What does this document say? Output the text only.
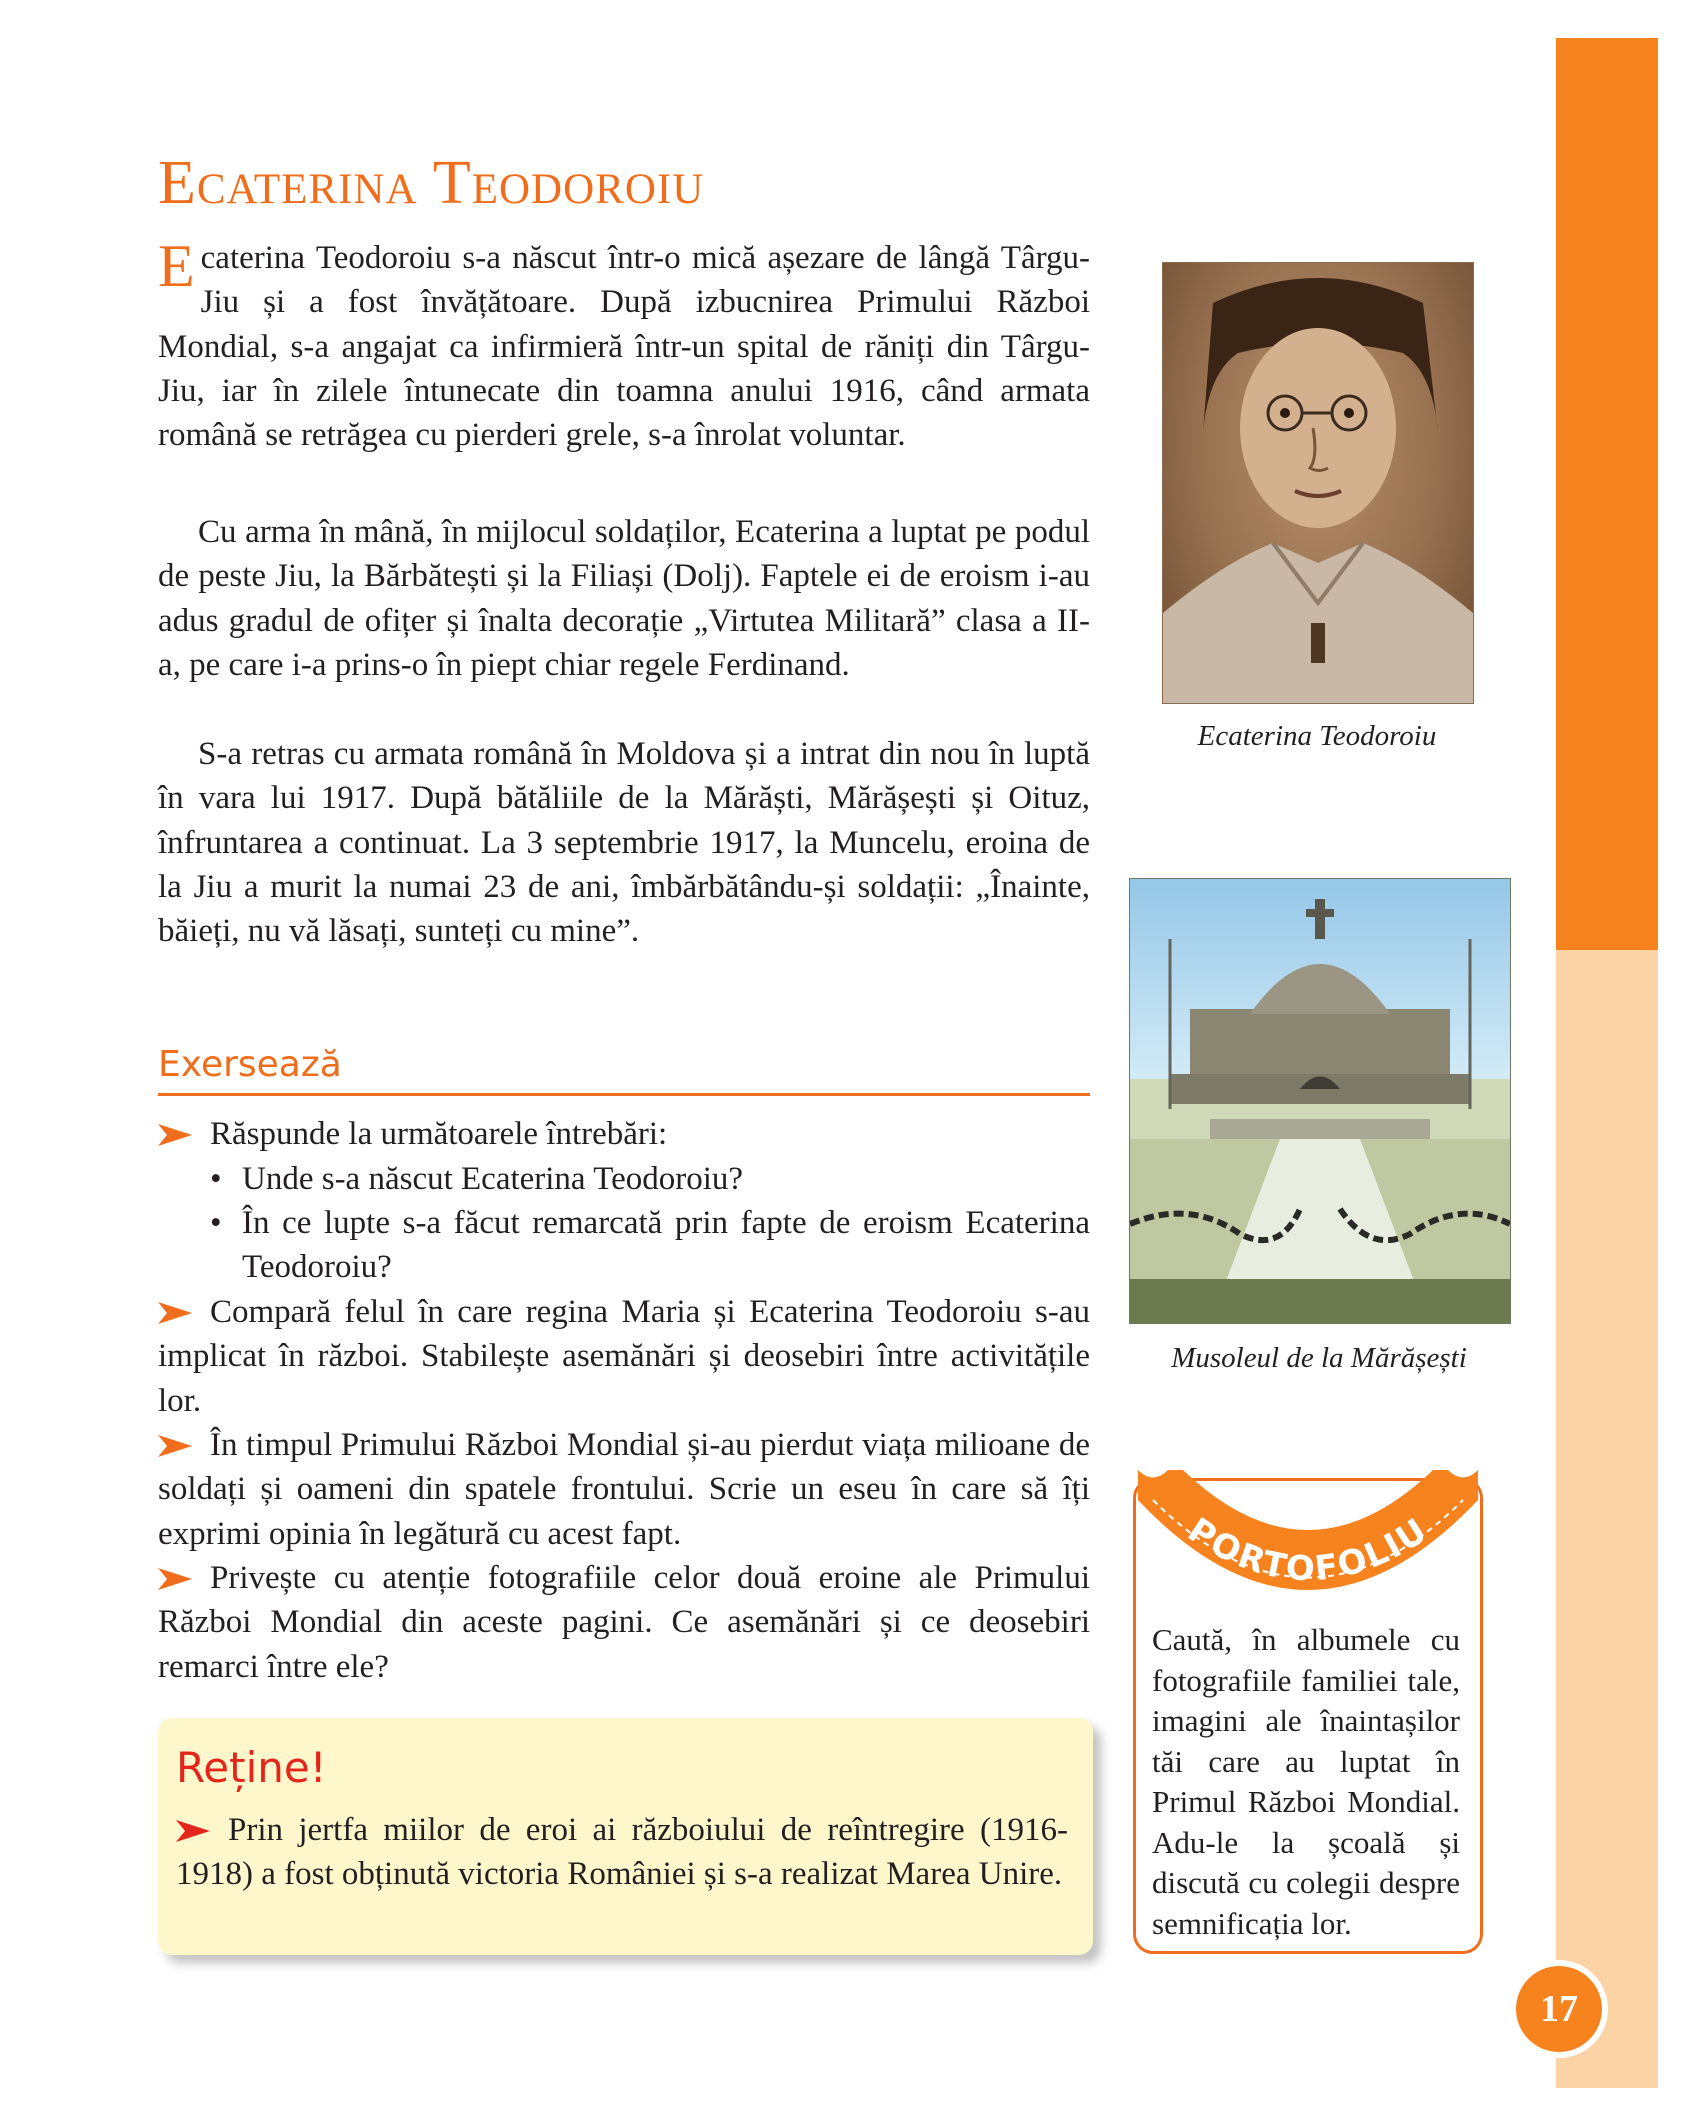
Ecaterina Teodoroiu

Ecaterina Teodoroiu s-a născut într-o mică așezare de lângă Târgu-Jiu și a fost învățătoare. După izbucnirea Primului Război Mondial, s-a angajat ca infirmieră într-un spital de răniți din Târgu-Jiu, iar în zilele întunecate din toamna anului 1916, când armata română se retrăgea cu pierderi grele, s-a înrolat voluntar.

Cu arma în mână, în mijlocul soldaților, Ecaterina a luptat pe podul de peste Jiu, la Bărbătești și la Filiași (Dolj). Faptele ei de eroism i-au adus gradul de ofițer și înalta decorație „Virtutea Militară” clasa a II-a, pe care i-a prins-o în piept chiar regele Ferdinand.

S-a retras cu armata română în Moldova și a intrat din nou în luptă în vara lui 1917. După bătăliile de la Mărăști, Mărășești și Oituz, înfruntarea a continuat. La 3 septembrie 1917, la Muncelu, eroina de la Jiu a murit la numai 23 de ani, îmbărbătându-și soldații: „Înainte, băieți, nu vă lăsați, sunteți cu mine”.

Ecaterina Teodoroiu
Musoleul de la Mărășești
Exersează

Răspunde la următoarele întrebări:

• Unde s-a născut Ecaterina Teodoroiu?

• În ce lupte s-a făcut remarcată prin fapte de eroism Ecaterina Teodoroiu?

Compară felul în care regina Maria și Ecaterina Teodoroiu s-au implicat în război. Stabilește asemănări și deosebiri între activitățile lor.

În timpul Primului Război Mondial și-au pierdut viața milioane de soldați și oameni din spatele frontului. Scrie un eseu în care să îți exprimi opinia în legătură cu acest fapt.

Privește cu atenție fotografiile celor două eroine ale Primului Război Mondial din aceste pagini. Ce asemănări și ce deosebiri remarci între ele?

Reține!

Prin jertfa miilor de eroi ai războiului de reîntregire (1916-1918) a fost obținută victoria României și s-a realizat Marea Unire.

PORTOFOLIU

Caută, în albumele cu fotografiile familiei tale, imagini ale înaintașilor tăi care au luptat în Primul Război Mondial. Adu-le la școală și discută cu colegii despre semnificația lor.

17
